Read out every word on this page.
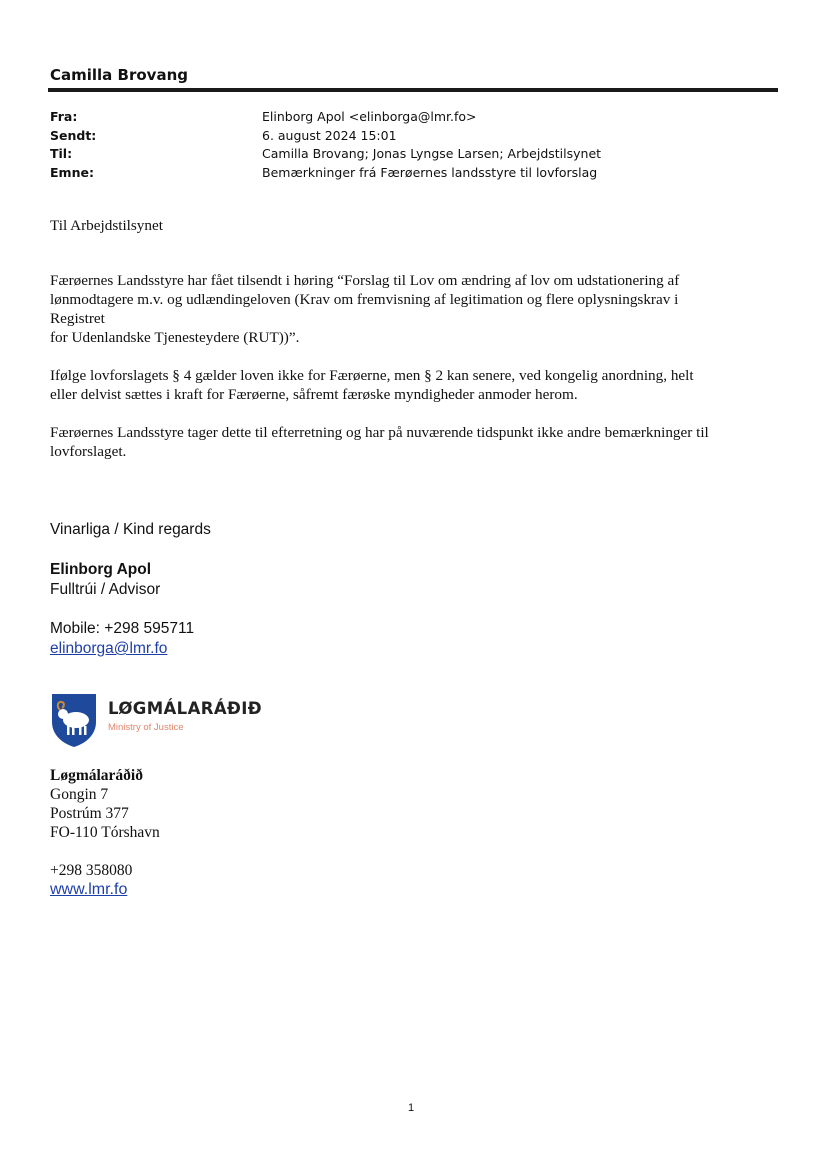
Camilla Brovang
Fra:	Elinborg Apol <elinborga@lmr.fo>
Sendt:	6. august 2024 15:01
Til:	Camilla Brovang; Jonas Lyngse Larsen; Arbejdstilsynet
Emne:	Bemærkninger frá Færøernes landsstyre til lovforslag

Til Arbejdstilsynet

Færøernes Landsstyre har fået tilsendt i høring “Forslag til Lov om ændring af lov om udstationering af
lønmodtagere m.v. og udlændingeloven (Krav om fremvisning af legitimation og flere oplysningskrav i
Registret
for Udenlandske Tjenesteydere (RUT))”.

Ifølge lovforslagets § 4 gælder loven ikke for Færøerne, men § 2 kan senere, ved kongelig anordning, helt
eller delvist sættes i kraft for Færøerne, såfremt færøske myndigheder anmoder herom.

Færøernes Landsstyre tager dette til efterretning og har på nuværende tidspunkt ikke andre bemærkninger til
lovforslaget.

Vinarliga / Kind regards
Elinborg Apol
Fulltrúi / Advisor
Mobile: +298 595711
elinborga@lmr.fo
LØGMÁLARÁÐIÐ
Ministry of Justice
Løgmálaráðið
Gongin 7
Postrúm 377
FO-110 Tórshavn
+298 358080
www.lmr.fo
1
